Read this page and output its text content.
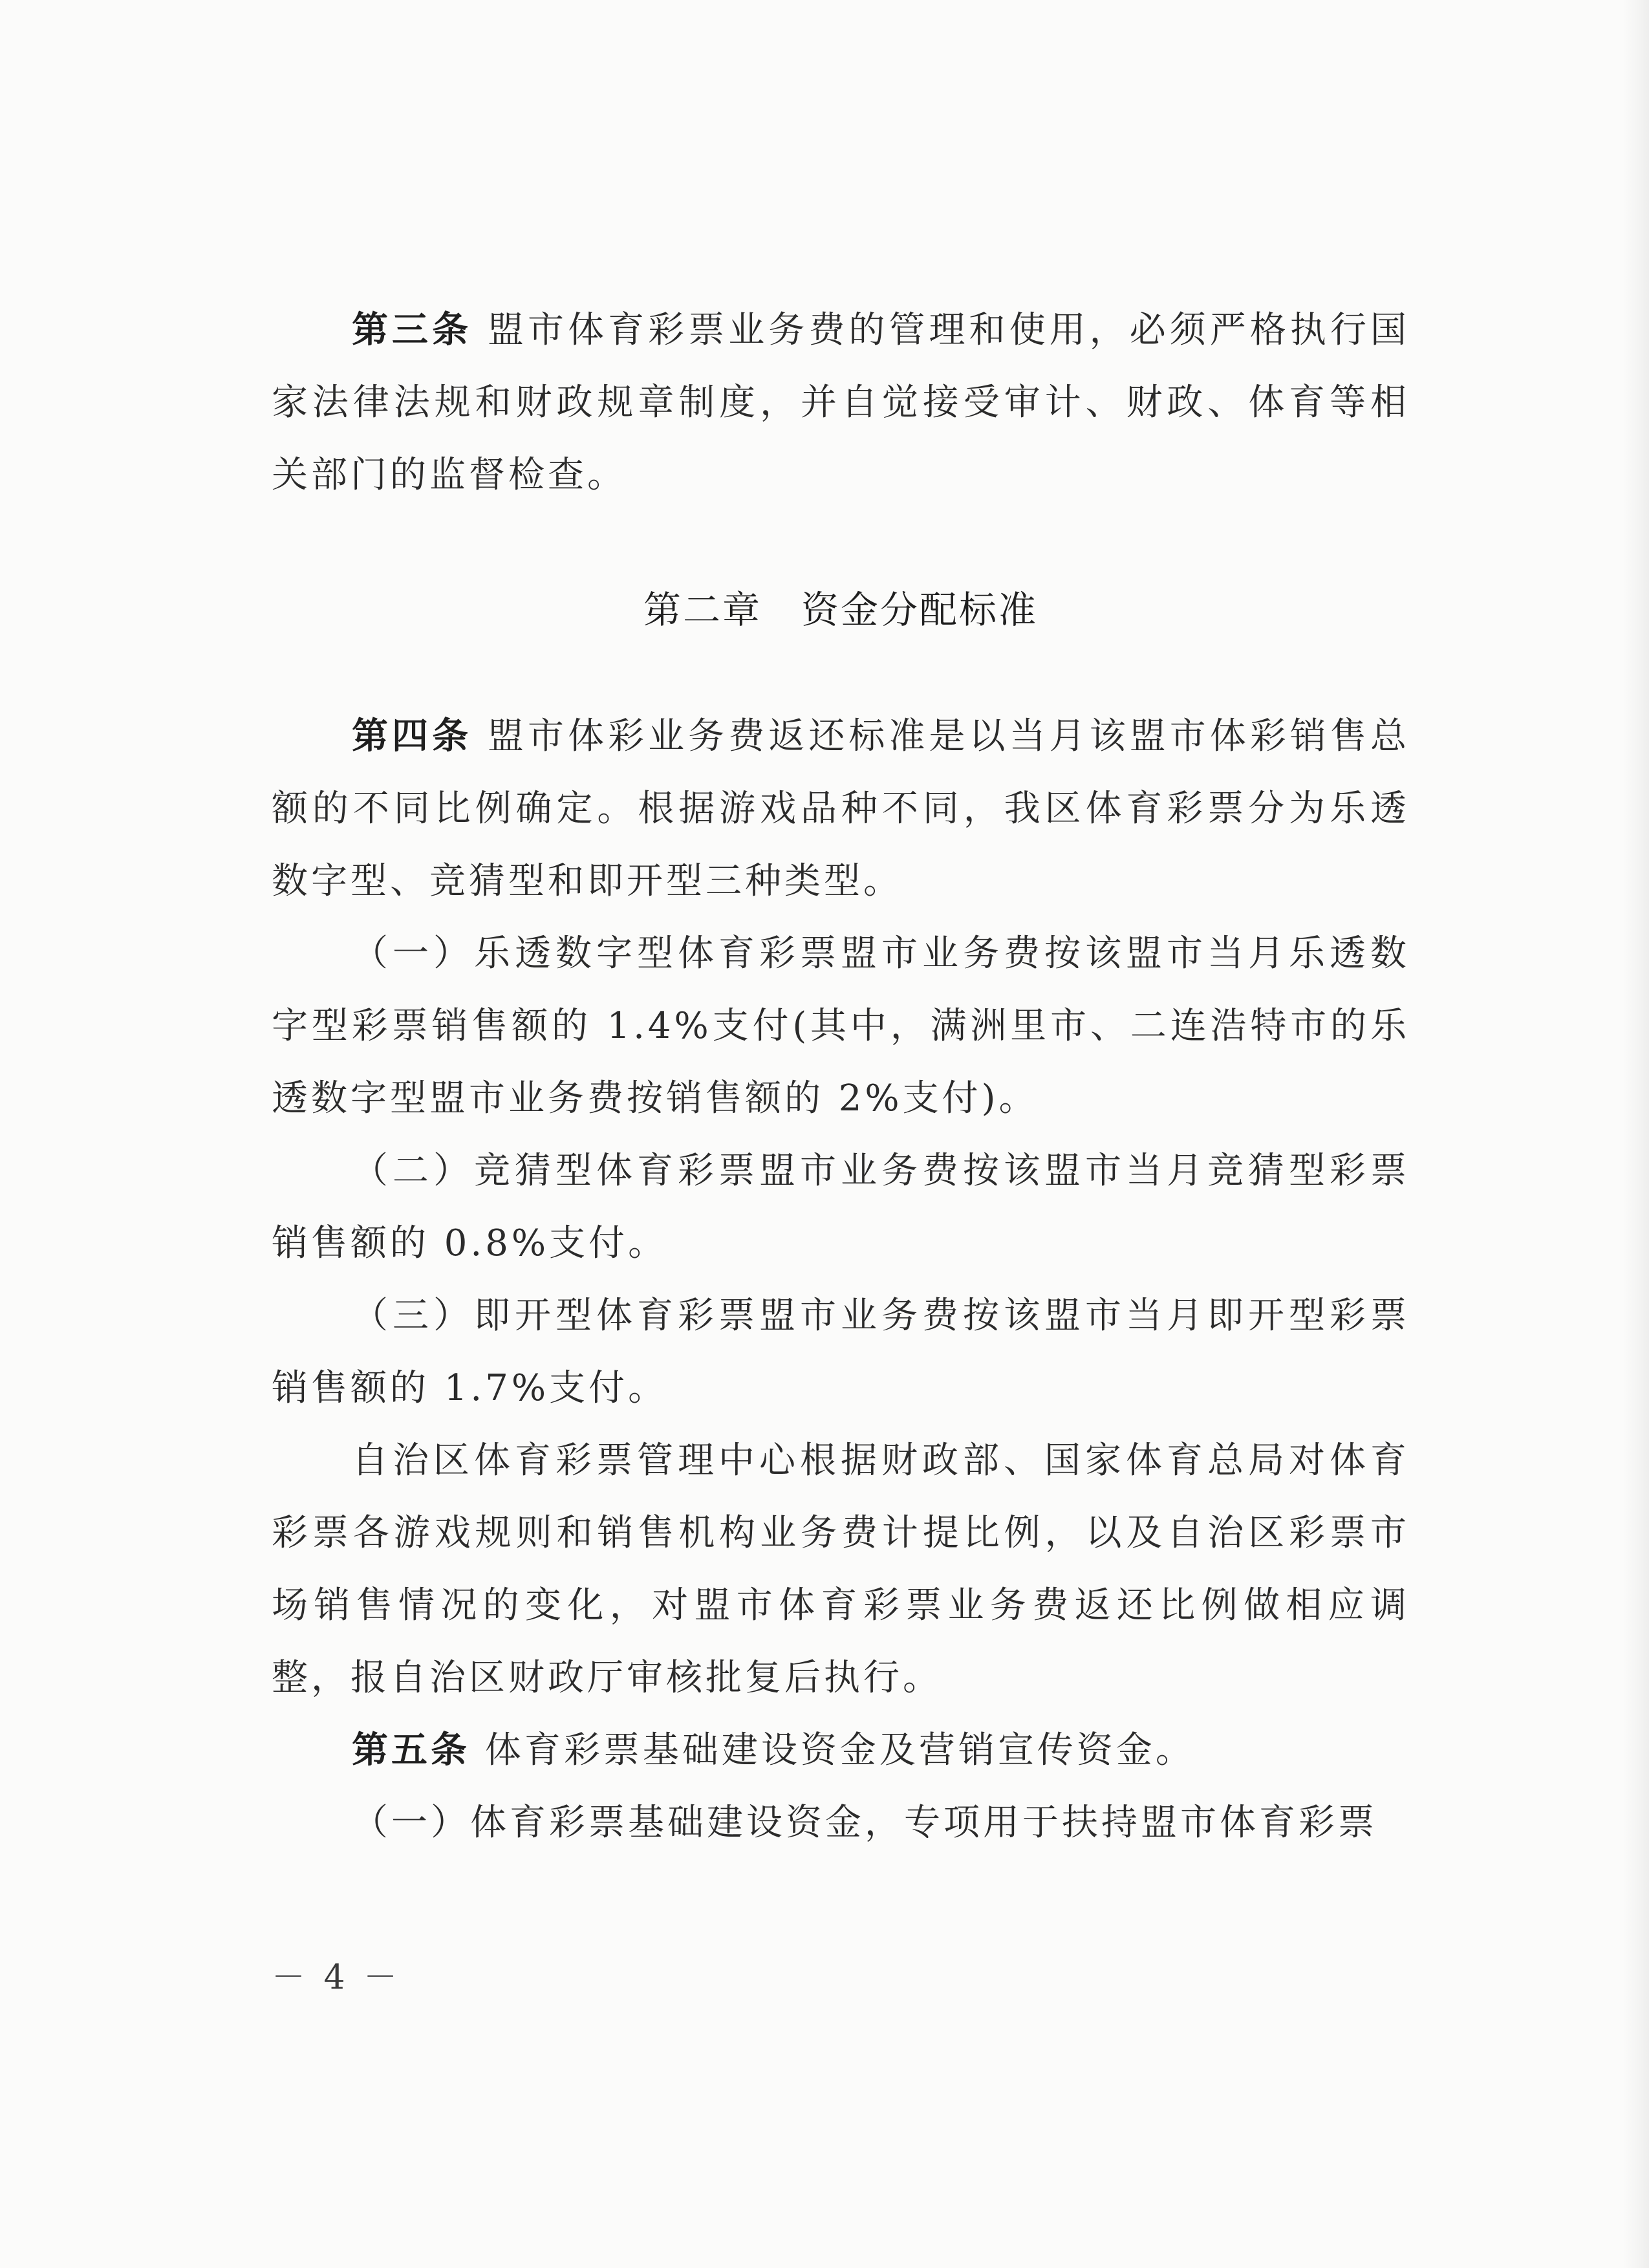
第三条 盟市体育彩票业务费的管理和使用，必须严格执行国家法律法规和财政规章制度，并自觉接受审计、财政、体育等相关部门的监督检查。

第二章　资金分配标准

第四条 盟市体彩业务费返还标准是以当月该盟市体彩销售总额的不同比例确定。根据游戏品种不同，我区体育彩票分为乐透数字型、竞猜型和即开型三种类型。

（一）乐透数字型体育彩票盟市业务费按该盟市当月乐透数字型彩票销售额的 1.4%支付(其中，满洲里市、二连浩特市的乐透数字型盟市业务费按销售额的 2%支付)。

（二）竞猜型体育彩票盟市业务费按该盟市当月竞猜型彩票销售额的 0.8%支付。

（三）即开型体育彩票盟市业务费按该盟市当月即开型彩票销售额的 1.7%支付。

自治区体育彩票管理中心根据财政部、国家体育总局对体育彩票各游戏规则和销售机构业务费计提比例，以及自治区彩票市场销售情况的变化，对盟市体育彩票业务费返还比例做相应调整，报自治区财政厅审核批复后执行。

第五条 体育彩票基础建设资金及营销宣传资金。

（一）体育彩票基础建设资金，专项用于扶持盟市体育彩票

－ 4 －
